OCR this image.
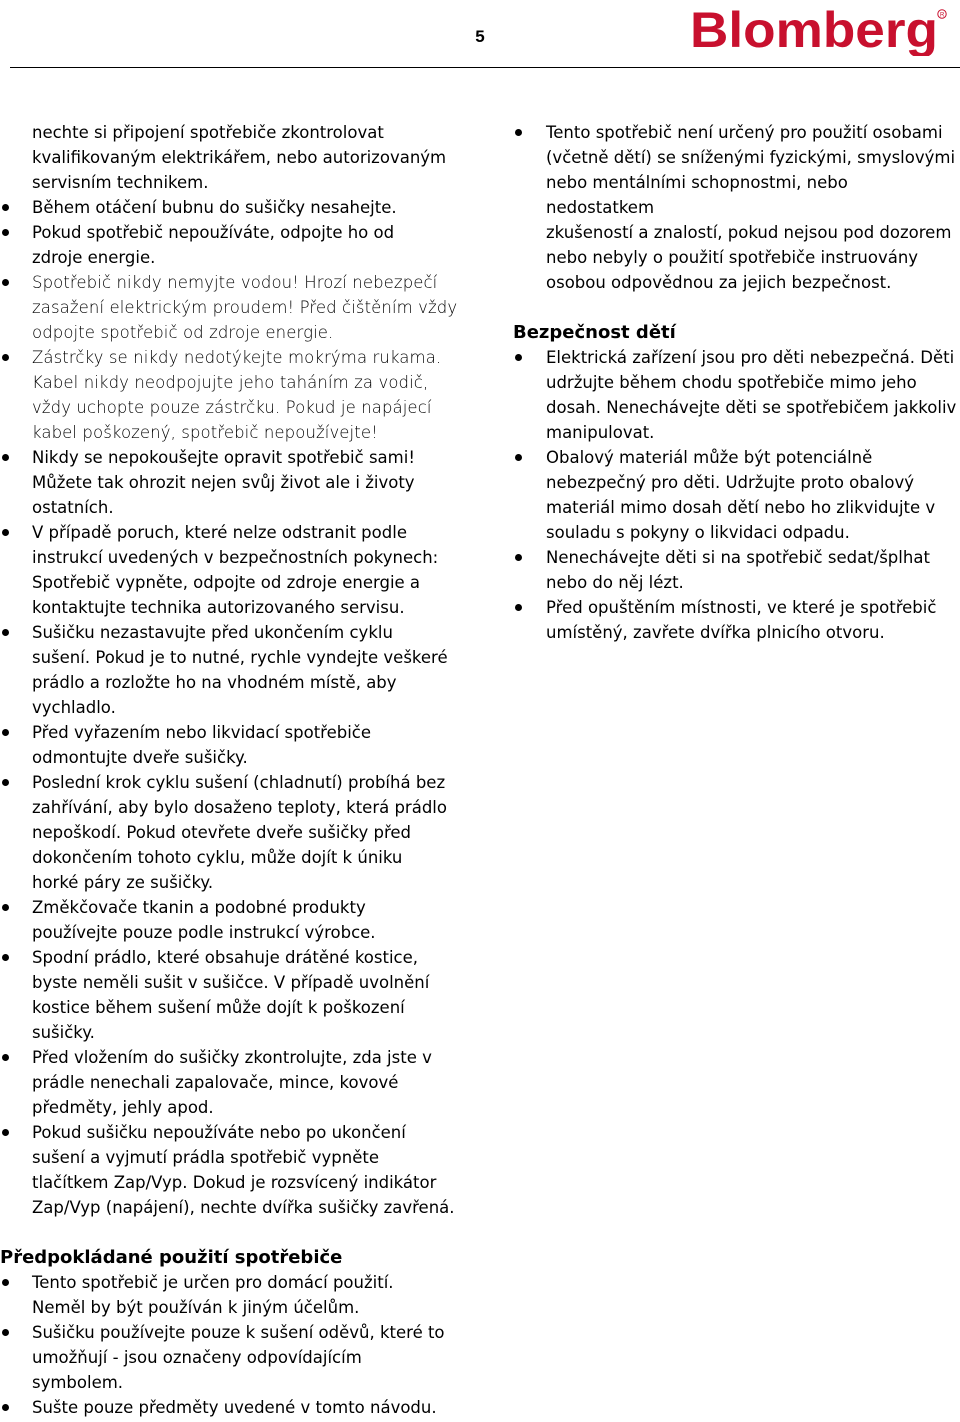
5	Blomberg R

nechte si připojení spotřebiče zkontrolovat
kvalifikovaným elektrikářem, nebo autorizovaným
servisním technikem.

Během otáčení bubnu do sušičky nesahejte.
Pokud spotřebič nepoužíváte, odpojte ho od
zdroje energie.
Spotřebič nikdy nemyjte vodou! Hrozí nebezpečí
zasažení elektrickým proudem! Před čištěním vždy
odpojte spotřebič od zdroje energie.
Zástrčky se nikdy nedotýkejte mokrýma rukama.
Kabel nikdy neodpojujte jeho taháním za vodič,
vždy uchopte pouze zástrčku. Pokud je napájecí
kabel poškozený, spotřebič nepoužívejte!
Nikdy se nepokoušejte opravit spotřebič sami!
Můžete tak ohrozit nejen svůj život ale i životy
ostatních.
V případě poruch, které nelze odstranit podle
instrukcí uvedených v bezpečnostních pokynech:
Spotřebič vypněte, odpojte od zdroje energie a
kontaktujte technika autorizovaného servisu.
Sušičku nezastavujte před ukončením cyklu
sušení. Pokud je to nutné, rychle vyndejte veškeré
prádlo a rozložte ho na vhodném místě, aby
vychladlo.
Před vyřazením nebo likvidací spotřebiče
odmontujte dveře sušičky.
Poslední krok cyklu sušení (chladnutí) probíhá bez
zahřívání, aby bylo dosaženo teploty, která prádlo
nepoškodí. Pokud otevřete dveře sušičky před
dokončením tohoto cyklu, může dojít k úniku
horké páry ze sušičky.
Změkčovače tkanin a podobné produkty
používejte pouze podle instrukcí výrobce.
Spodní prádlo, které obsahuje drátěné kostice,
byste neměli sušit v sušičce. V případě uvolnění
kostice během sušení může dojít k poškození
sušičky.
Před vložením do sušičky zkontrolujte, zda jste v
prádle nenechali zapalovače, mince, kovové
předměty, jehly apod.
Pokud sušičku nepoužíváte nebo po ukončení
sušení a vyjmutí prádla spotřebič vypněte
tlačítkem Zap/Vyp. Dokud je rozsvícený indikátor
Zap/Vyp (napájení), nechte dvířka sušičky zavřená.
Tento spotřebič není určený pro použití osobami
(včetně dětí) se sníženými fyzickými, smyslovými
nebo mentálními schopnostmi, nebo nedostatkem
zkušeností a znalostí, pokud nejsou pod dozorem
nebo nebyly o použití spotřebiče instruovány
osobou odpovědnou za jejich bezpečnost.
Bezpečnost dětí
Elektrická zařízení jsou pro děti nebezpečná. Děti
udržujte během chodu spotřebiče mimo jeho
dosah. Nenechávejte děti se spotřebičem jakkoliv
manipulovat.
Obalový materiál může být potenciálně
nebezpečný pro děti. Udržujte proto obalový
materiál mimo dosah dětí nebo ho zlikvidujte v
souladu s pokyny o likvidaci odpadu.
Nenechávejte děti si na spotřebič sedat/šplhat
nebo do něj lézt.
Před opuštěním místnosti, ve které je spotřebič
umístěný, zavřete dvířka plnicího otvoru.
Předpokládané použití spotřebiče
Tento spotřebič je určen pro domácí použití.
Neměl by být používán k jiným účelům.
Sušičku používejte pouze k sušení oděvů, které to
umožňují - jsou označeny odpovídajícím
symbolem.
Sušte pouze předměty uvedené v tomto návodu.
